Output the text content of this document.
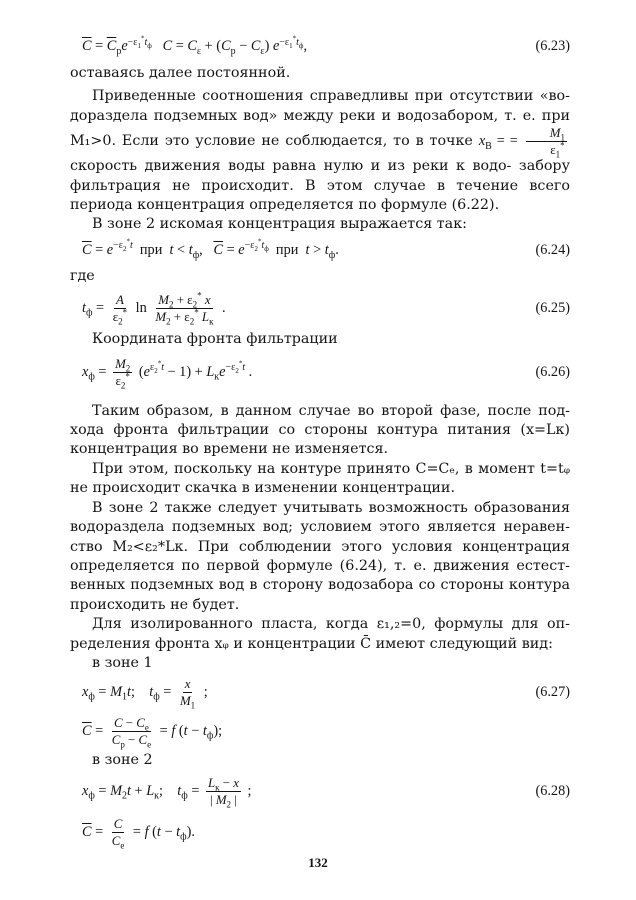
$\overline{C} = \overline{C}_рe^{-\varepsilon_1^*t_ф}$ $C = C_\varepsilon + (C_р - C_\varepsilon)$ $e^{-\varepsilon_1^*t_ф}$,	(6.23)

оставаясь далее постоянной.

Приведенные соотношения справедливы при отсутствии «во-дораздела подземных вод» между реки и водозабором, т. е. при M₁>0. Если это условие не соблюдается, то в точке $x_В$ = = $\frac{M_1}{\varepsilon_1^*}$
скорость движения воды равна нулю и из реки к водо- забору фильтрация не происходит. В этом случае в течение всего периода концентрация определяется по формуле (6.22).

В зоне 2 искомая концентрация выражается так:

$\overline{C} = e^{-\varepsilon_2^*t}$  при  $t < t_ф$,   $\overline{C} = e^{-\varepsilon_2^*t_ф}$  при  $t > t_ф$.	(6.24)

где

$t_ф = \frac{A}{\varepsilon_2^*}$ $\ln \frac{M_2 + \varepsilon_2^* x}{M_2 + \varepsilon_2^* L_к}$ .	(6.25)

Координата фронта фильтрации

$x_ф = \frac{M_2}{\varepsilon_2^*} (e^{\varepsilon_2^*t} - 1) + L_кe^{-\varepsilon_2^*t}$ .	(6.26)

Таким образом, в данном случае во второй фазе, после под-хода фронта фильтрации со стороны контура питания (x=Lк) концентрация во времени не изменяется.

При этом, поскольку на контуре принято C=Cₑ, в момент t=tᵩ не происходит скачка в изменении концентрации.

В зоне 2 также следует учитывать возможность образования водораздела подземных вод; условием этого является неравен-ство M₂<ε₂*Lк. При соблюдении этого условия концентрация определяется по первой формуле (6.24), т. е. движения естест-венных подземных вод в сторону водозабора со стороны контура происходить не будет.

Для изолированного пласта, когда ε₁,₂=0, формулы для оп-ределения фронта xᵩ и концентрации C̄ имеют следующий вид:

в зоне 1

$x_ф = M_1t$;    $t_ф = \frac{x}{M_1}$ ;	(6.27)
$\overline{C} = \frac{C - C_е}{C_р - C_е} = f$ $(t - t_ф)$;

в зоне 2

$x_ф = M_2t + L_к$;    $t_ф = \frac{L_к - x}{| M_2 |}$ ;	(6.28)
$\overline{C} = \frac{C}{C_е} = f$ $(t - t_ф)$.
132
